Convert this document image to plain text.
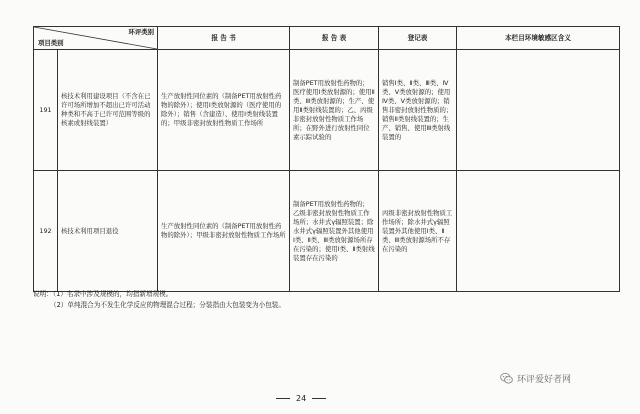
环评类别
项目类别		报 告 书	报 告 表	登记表	本栏目环境敏感区含义
191	核技术利用建设项目（不含在已许可场所增加不超出已许可活动种类和不高于已许可范围等级的核素或射线装置）	生产放射性同位素的（制备PET用放射性药物的除外）；使用Ⅰ类放射源的（医疗使用的除外）；销售（含建造）、使用Ⅰ类射线装置的；甲级非密封放射性物质工作场所	制备PET用放射性药物的；医疗使用Ⅰ类放射源的；使用Ⅱ类、Ⅲ类放射源的；生产、使用Ⅱ类射线装置的；乙、丙级非密封放射性物质工作场所；在野外进行放射性同位素示踪试验的	销售Ⅰ类、Ⅱ类、Ⅲ类、Ⅳ类、Ⅴ类放射源的；使用Ⅳ类、Ⅴ类放射源的；销售非密封放射性物质的；销售Ⅱ类射线装置的；生产、销售、使用Ⅲ类射线装置的	
192	核技术利用项目退役	生产放射性同位素的（制备PET用放射性药物的除外）；甲级非密封放射性物质工作场所	制备PET用放射性药物的；乙级非密封放射性物质工作场所；水井式γ辐照装置；除水井式γ辐照装置外其他使用Ⅰ类、Ⅱ类、Ⅲ类放射源场所存在污染的；使用Ⅰ类、Ⅱ类射线装置存在污染的	丙级非密封放射性物质工作场所；除水井式γ辐照装置外其他使用Ⅰ类、Ⅱ类、Ⅲ类放射源场所不存在污染的	
说明：（1）名录中涉及规模的，均指新增规模。
（2）单纯混合为不发生化学反应的物理混合过程；分装指由大包装变为小包装。
环评爱好者网
24
